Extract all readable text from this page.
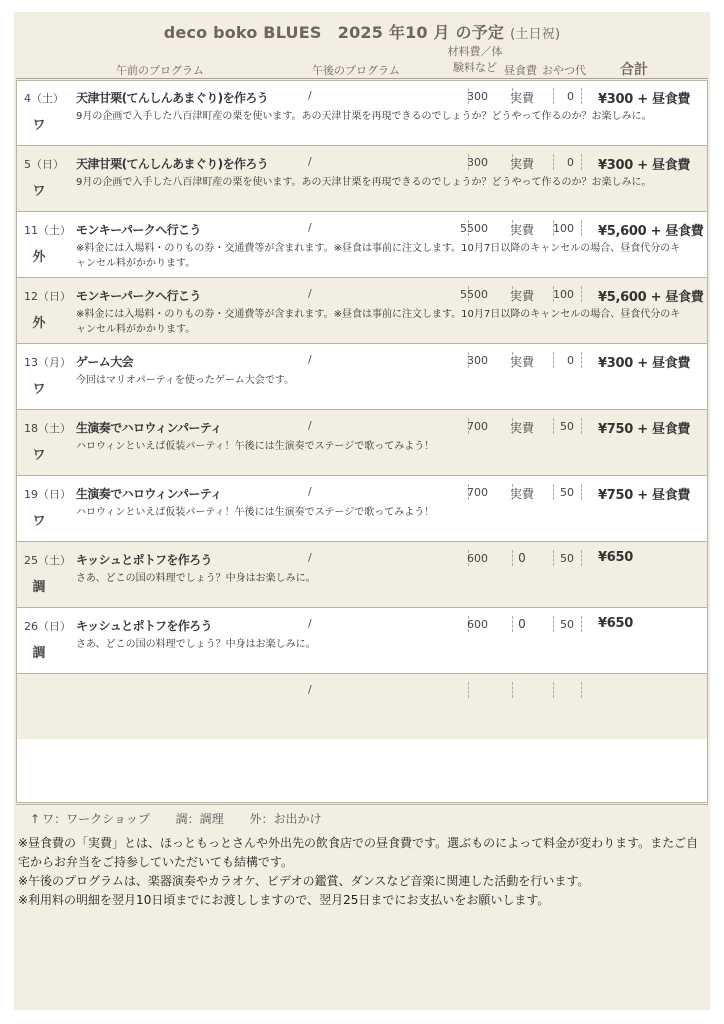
deco boko BLUES　2025 年10 月 の予定 (土日祝)
午前のプログラム	午後のプログラム
材料費／体験料など 昼食費 おやつ代 合計
4（土）
ワ
天津甘栗(てんしんあまぐり)を作ろう	/
9月の企画で入手した八百津町産の栗を使います。あの天津甘栗を再現できるのでしょうか？どうやって作るのか？お楽しみに。
300	実費	0 ¥300 + 昼食費
5（日）
ワ
天津甘栗(てんしんあまぐり)を作ろう	/
9月の企画で入手した八百津町産の栗を使います。あの天津甘栗を再現できるのでしょうか？どうやって作るのか？お楽しみに。
300	実費	0 ¥300 + 昼食費
11（土）
外
モンキーパークへ行こう	/
※料金には入場料・のりもの券・交通費等が含まれます。※昼食は事前に注文します。10月7日以降のキャンセルの場合、昼食代分のキャンセル料がかかります。
5500	実費	100 ¥5,600 + 昼食費
12（日）
外
モンキーパークへ行こう	/
※料金には入場料・のりもの券・交通費等が含まれます。※昼食は事前に注文します。10月7日以降のキャンセルの場合、昼食代分のキャンセル料がかかります。
5500	実費	100 ¥5,600 + 昼食費
13（月）
ワ
ゲーム大会	/
今回はマリオパーティを使ったゲーム大会です。
300	実費	0 ¥300 + 昼食費
18（土）
ワ
生演奏でハロウィンパーティ	/
ハロウィンといえば仮装パーティ！午後には生演奏でステージで歌ってみよう！
700	実費	50 ¥750 + 昼食費
19（日）
ワ
生演奏でハロウィンパーティ	/
ハロウィンといえば仮装パーティ！午後には生演奏でステージで歌ってみよう！
700	実費	50 ¥750 + 昼食費
25（土）
調
キッシュとポトフを作ろう	/
さあ、どこの国の料理でしょう？中身はお楽しみに。
600	0	50 ¥650
26（日）
調
キッシュとポトフを作ろう	/
さあ、どこの国の料理でしょう？中身はお楽しみに。
600	0	50 ¥650
/
↑ ワ：ワークショップ 調：調理 外：お出かけ

※昼食費の「実費」とは、ほっともっとさんや外出先の飲食店での昼食費です。選ぶものによって料金が変わります。またご自宅からお弁当をご持参していただいても結構です。

※午後のプログラムは、楽器演奏やカラオケ、ビデオの鑑賞、ダンスなど音楽に関連した活動を行います。

※利用料の明細を翌月10日頃までにお渡ししますので、翌月25日までにお支払いをお願いします。
